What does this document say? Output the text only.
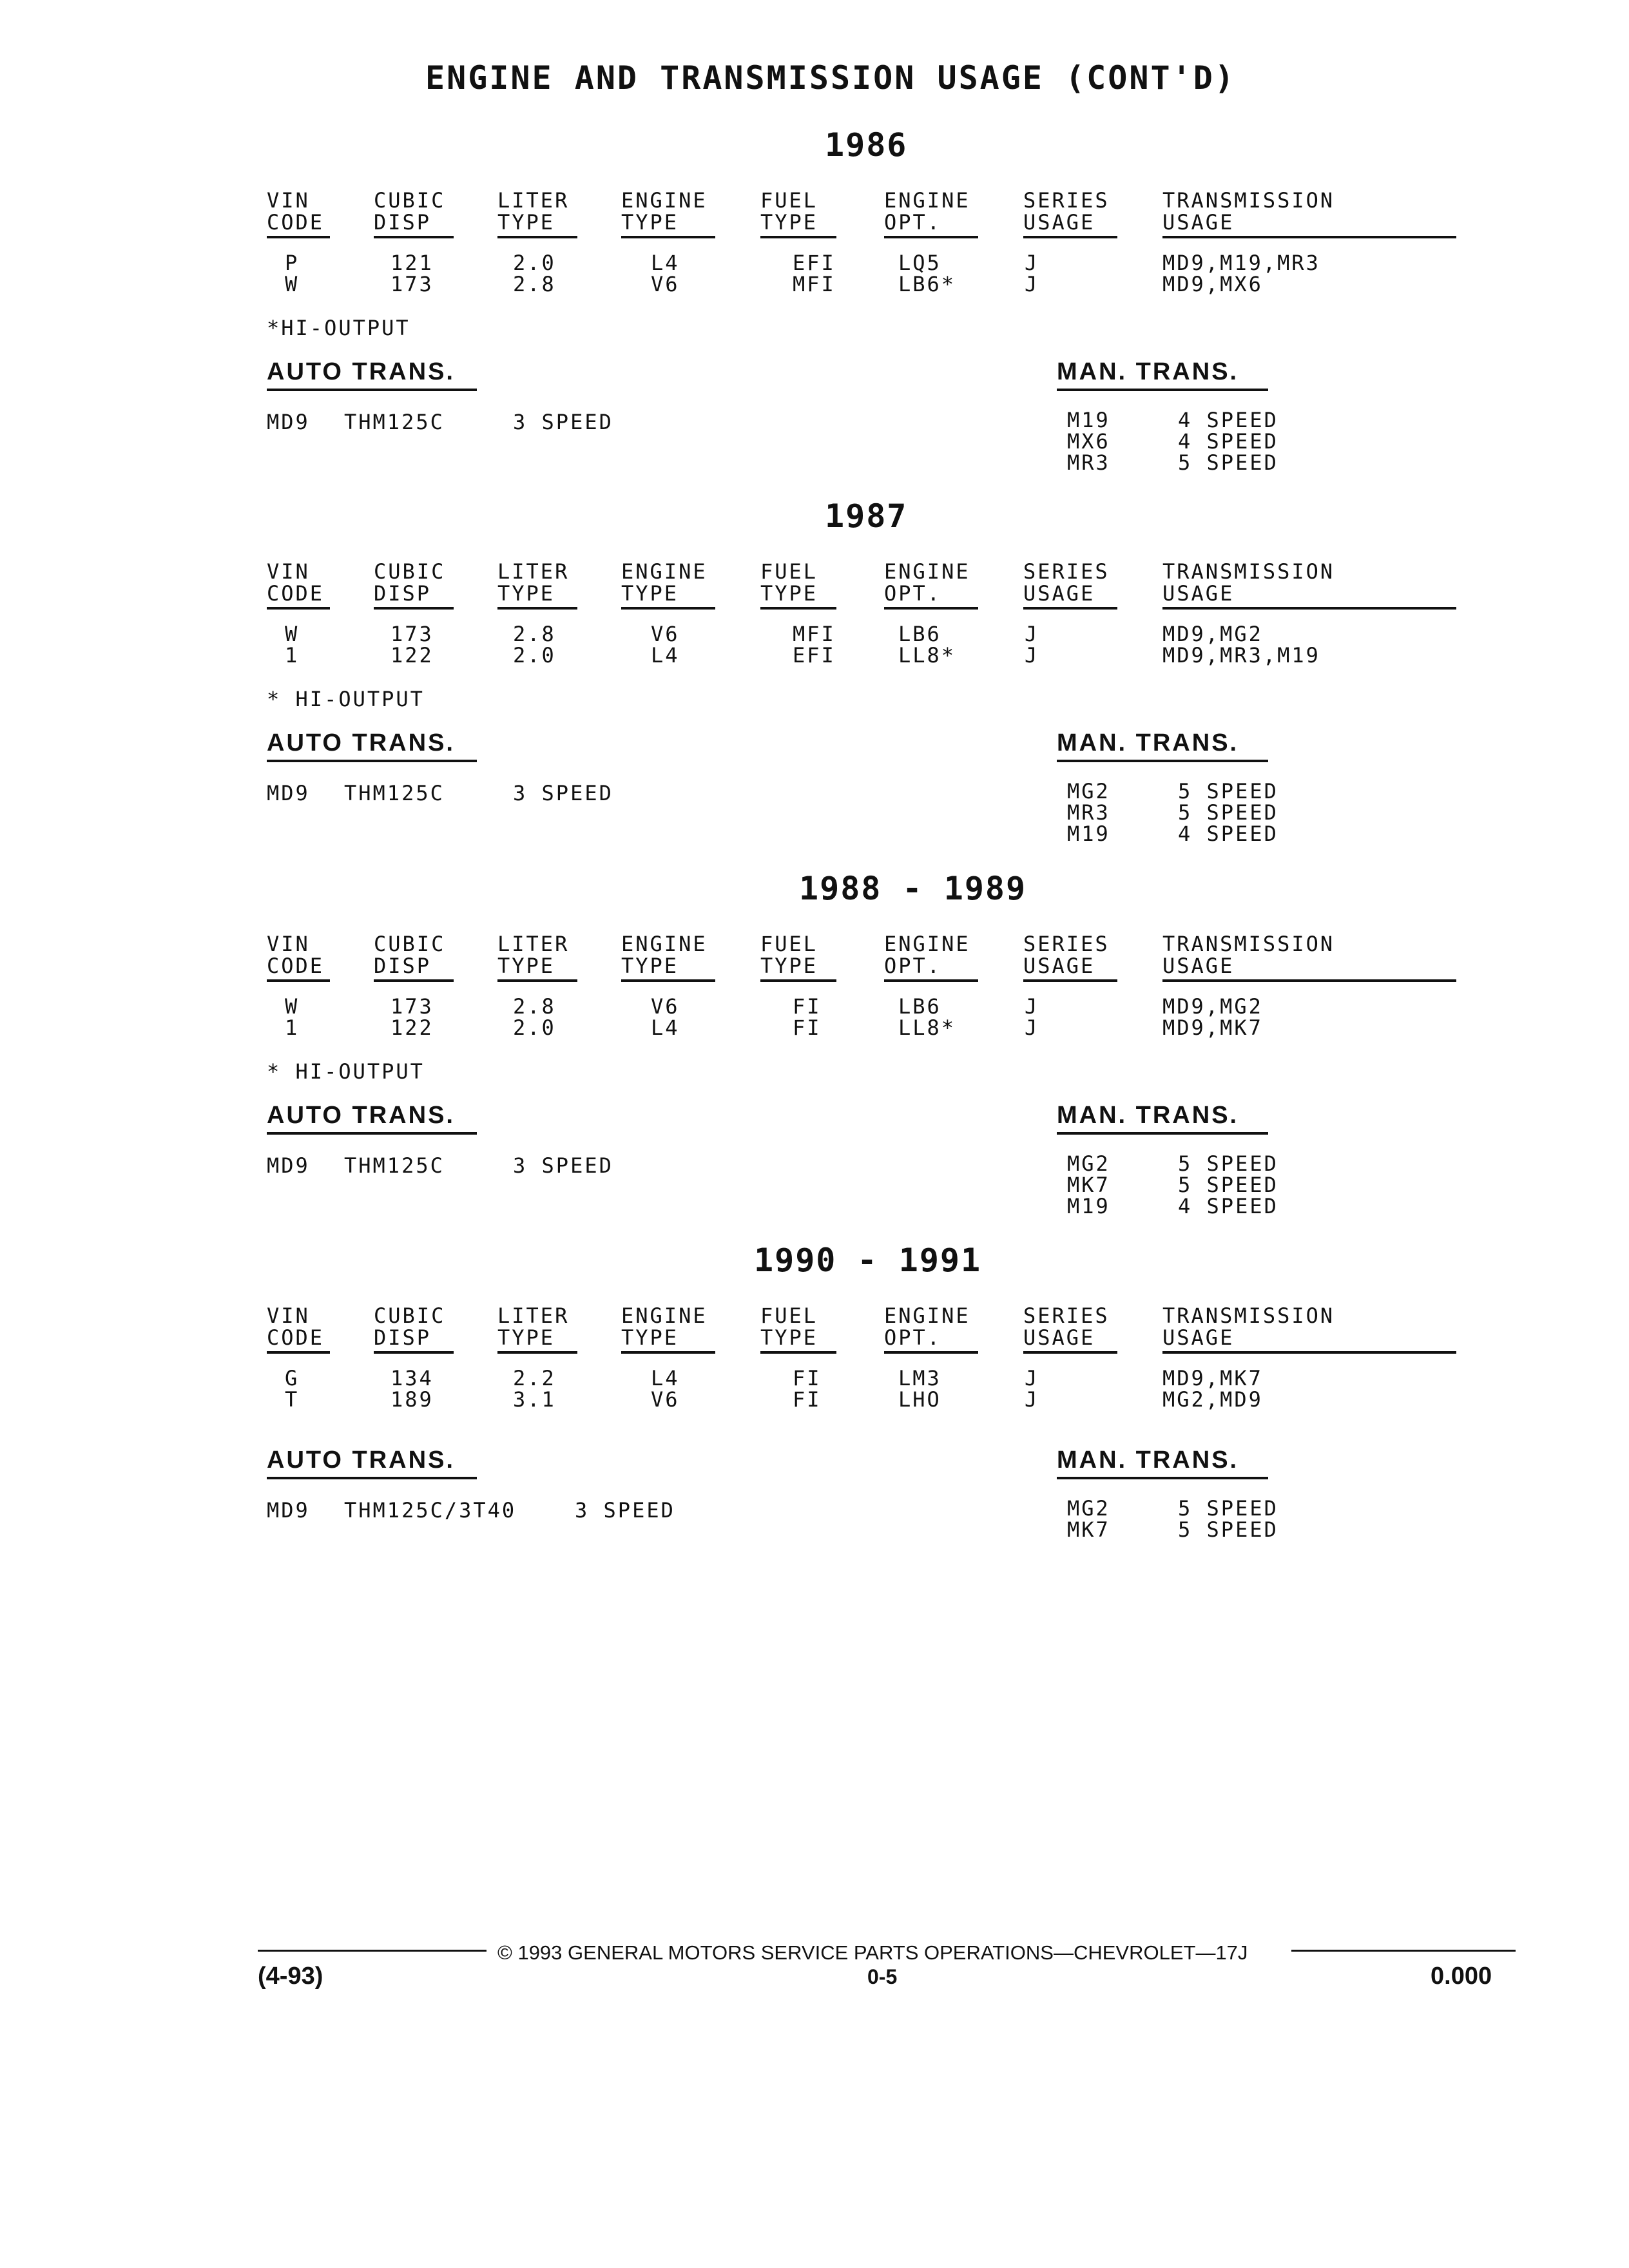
ENGINE AND TRANSMISSION USAGE (CONT'D)
1986
VIN
CODE
CUBIC
DISP
LITER
TYPE
ENGINE
TYPE
FUEL
TYPE
ENGINE
OPT.
SERIES
USAGE
TRANSMISSION
USAGE
P	121	2.0	L4	EFI	LQ5	J	MD9,M19,MR3
W	173	2.8	V6	MFI	LB6*	J	MD9,MX6
*HI-OUTPUT
AUTO TRANS.	MAN. TRANS.
MD9 THM125C	3 SPEED	M19	4 SPEED
MX6	4 SPEED
MR3	5 SPEED
1987
VIN
CODE
CUBIC
DISP
LITER
TYPE
ENGINE
TYPE
FUEL
TYPE
ENGINE
OPT.
SERIES
USAGE
TRANSMISSION
USAGE
W	173	2.8	V6	MFI	LB6	J	MD9,MG2
1	122	2.0	L4	EFI	LL8*	J	MD9,MR3,M19
* HI-OUTPUT
AUTO TRANS.	MAN. TRANS.
MD9 THM125C	3 SPEED	MG2	5 SPEED
MR3	5 SPEED
M19	4 SPEED
1988 - 1989
VIN
CODE
CUBIC
DISP
LITER
TYPE
ENGINE
TYPE
FUEL
TYPE
ENGINE
OPT.
SERIES
USAGE
TRANSMISSION
USAGE
W	173	2.8	V6	FI	LB6	J	MD9,MG2
1	122	2.0	L4	FI	LL8*	J	MD9,MK7
* HI-OUTPUT
AUTO TRANS.	MAN. TRANS.
MD9 THM125C	3 SPEED	MG2	5 SPEED
MK7	5 SPEED
M19	4 SPEED
1990 - 1991
VIN
CODE
CUBIC
DISP
LITER
TYPE
ENGINE
TYPE
FUEL
TYPE
ENGINE
OPT.
SERIES
USAGE
TRANSMISSION
USAGE
G	134	2.2	L4	FI	LM3	J	MD9,MK7
T	189	3.1	V6	FI	LHO	J	MG2,MD9
AUTO TRANS.	MAN. TRANS.
MD9 THM125C/3T40	3 SPEED	MG2	5 SPEED
MK7	5 SPEED
© 1993 GENERAL MOTORS SERVICE PARTS OPERATIONS—CHEVROLET—17J
(4-93)	0-5	0.000
